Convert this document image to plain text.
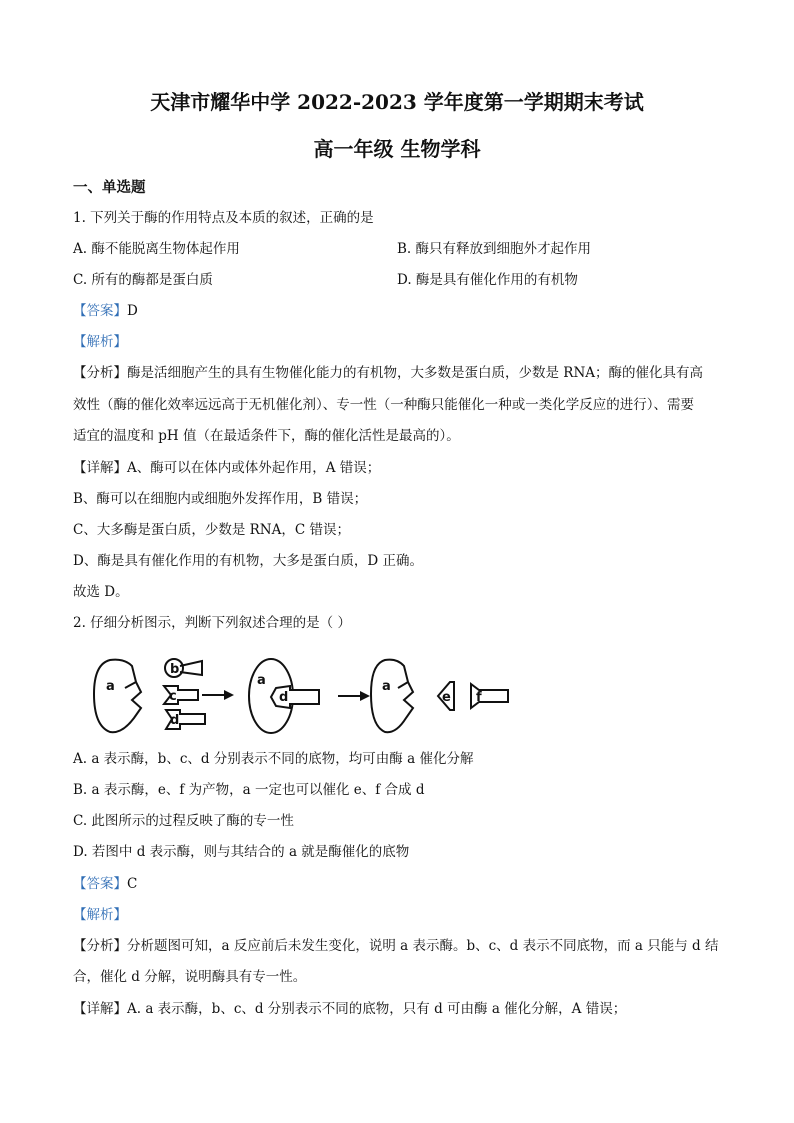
天津市耀华中学 2022-2023 学年度第一学期期末考试
高一年级 生物学科
一、单选题
1. 下列关于酶的作用特点及本质的叙述，正确的是
A. 酶不能脱离生物体起作用	B. 酶只有释放到细胞外才起作用
C. 所有的酶都是蛋白质	D. 酶是具有催化作用的有机物
【答案】D
【解析】
【分析】酶是活细胞产生的具有生物催化能力的有机物，大多数是蛋白质，少数是 RNA；酶的催化具有高
效性（酶的催化效率远远高于无机催化剂）、专一性（一种酶只能催化一种或一类化学反应的进行）、需要
适宜的温度和 pH 值（在最适条件下，酶的催化活性是最高的）。
【详解】A、酶可以在体内或体外起作用，A 错误；
B、酶可以在细胞内或细胞外发挥作用，B 错误；
C、大多酶是蛋白质，少数是 RNA，C 错误；
D、酶是具有催化作用的有机物，大多是蛋白质，D 正确。
故选 D。
2. 仔细分析图示，判断下列叙述合理的是（ ）
a
b
c
d
a
d
a
e f
A. a 表示酶，b、c、d 分别表示不同的底物，均可由酶 a 催化分解
B. a 表示酶，e、f 为产物，a 一定也可以催化 e、f 合成 d
C. 此图所示的过程反映了酶的专一性
D. 若图中 d 表示酶，则与其结合的 a 就是酶催化的底物
【答案】C
【解析】
【分析】分析题图可知，a 反应前后未发生变化，说明 a 表示酶。b、c、d 表示不同底物，而 a 只能与 d 结
合，催化 d 分解，说明酶具有专一性。
【详解】A. a 表示酶，b、c、d 分别表示不同的底物，只有 d 可由酶 a 催化分解，A 错误；
